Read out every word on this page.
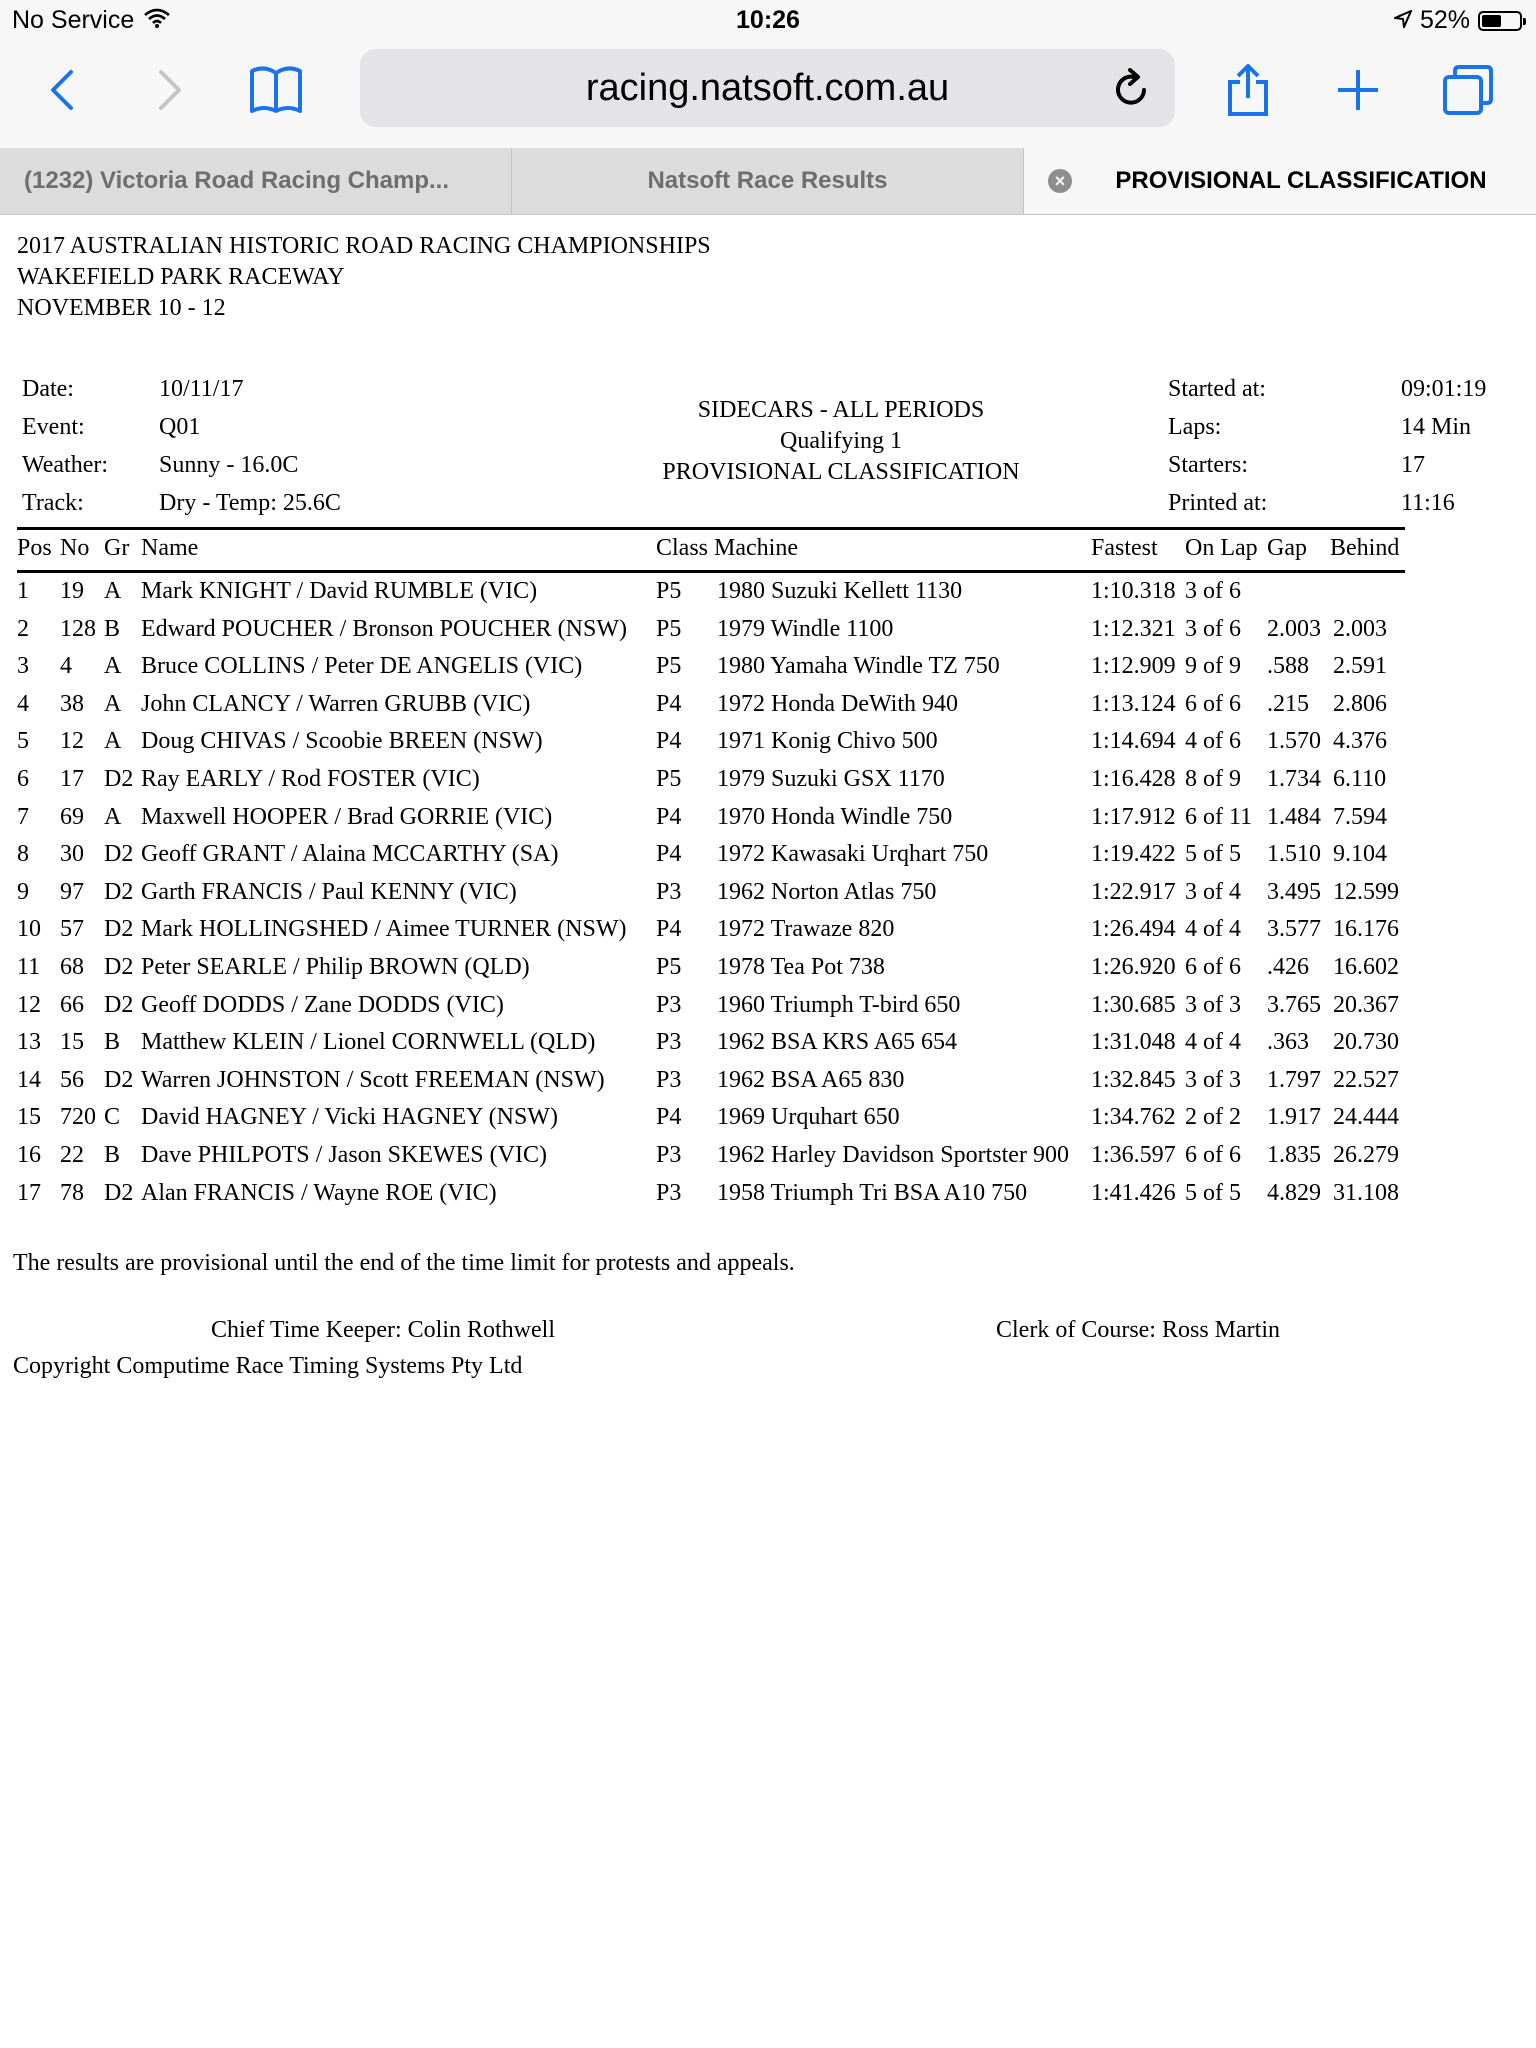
No Service	10:26	52%
racing.natsoft.com.au
(1232) Victoria Road Racing Champ...	Natsoft Race Results	× PROVISIONAL CLASSIFICATION
2017 AUSTRALIAN HISTORIC ROAD RACING CHAMPIONSHIPS
WAKEFIELD PARK RACEWAY
NOVEMBER 10 - 12
Date:	10/11/17
Event:	Q01
Weather:	Sunny - 16.0C
Track:	Dry - Temp: 25.6C
SIDECARS - ALL PERIODS
Qualifying 1
PROVISIONAL CLASSIFICATION
Started at:	09:01:19
Laps:	14 Min
Starters:	17
Printed at:	11:16
Pos No Gr Name	Class Machine	Fastest On Lap Gap Behind
1 19 A Mark KNIGHT / David RUMBLE (VIC)	P5 1980 Suzuki Kellett 1130	1:10.318 3 of 6
2 128 B Edward POUCHER / Bronson POUCHER (NSW) P5 1979 Windle 1100	1:12.321 3 of 6 2.003 2.003
3 4 A Bruce COLLINS / Peter DE ANGELIS (VIC)	P5 1980 Yamaha Windle TZ 750	1:12.909 9 of 9 .588 2.591
4 38 A John CLANCY / Warren GRUBB (VIC)	P4 1972 Honda DeWith 940	1:13.124 6 of 6 .215 2.806
5 12 A Doug CHIVAS / Scoobie BREEN (NSW)	P4 1971 Konig Chivo 500	1:14.694 4 of 6 1.570 4.376
6 17 D2 Ray EARLY / Rod FOSTER (VIC)	P5 1979 Suzuki GSX 1170	1:16.428 8 of 9 1.734 6.110
7 69 A Maxwell HOOPER / Brad GORRIE (VIC)	P4 1970 Honda Windle 750	1:17.912 6 of 11 1.484 7.594
8 30 D2 Geoff GRANT / Alaina MCCARTHY (SA)	P4 1972 Kawasaki Urqhart 750	1:19.422 5 of 5 1.510 9.104
9 97 D2 Garth FRANCIS / Paul KENNY (VIC)	P3 1962 Norton Atlas 750	1:22.917 3 of 4 3.495 12.599
10 57 D2 Mark HOLLINGSHED / Aimee TURNER (NSW) P4 1972 Trawaze 820	1:26.494 4 of 4 3.577 16.176
11 68 D2 Peter SEARLE / Philip BROWN (QLD)	P5 1978 Tea Pot 738	1:26.920 6 of 6 .426 16.602
12 66 D2 Geoff DODDS / Zane DODDS (VIC)	P3 1960 Triumph T-bird 650	1:30.685 3 of 3 3.765 20.367
13 15 B Matthew KLEIN / Lionel CORNWELL (QLD)	P3 1962 BSA KRS A65 654	1:31.048 4 of 4 .363 20.730
14 56 D2 Warren JOHNSTON / Scott FREEMAN (NSW) P3 1962 BSA A65 830	1:32.845 3 of 3 1.797 22.527
15 720 C David HAGNEY / Vicki HAGNEY (NSW)	P4 1969 Urquhart 650	1:34.762 2 of 2 1.917 24.444
16 22 B Dave PHILPOTS / Jason SKEWES (VIC)	P3 1962 Harley Davidson Sportster 900 1:36.597 6 of 6 1.835 26.279
17 78 D2 Alan FRANCIS / Wayne ROE (VIC)	P3 1958 Triumph Tri BSA A10 750	1:41.426 5 of 5 4.829 31.108
The results are provisional until the end of the time limit for protests and appeals.
Chief Time Keeper: Colin Rothwell	Clerk of Course: Ross Martin
Copyright Computime Race Timing Systems Pty Ltd
